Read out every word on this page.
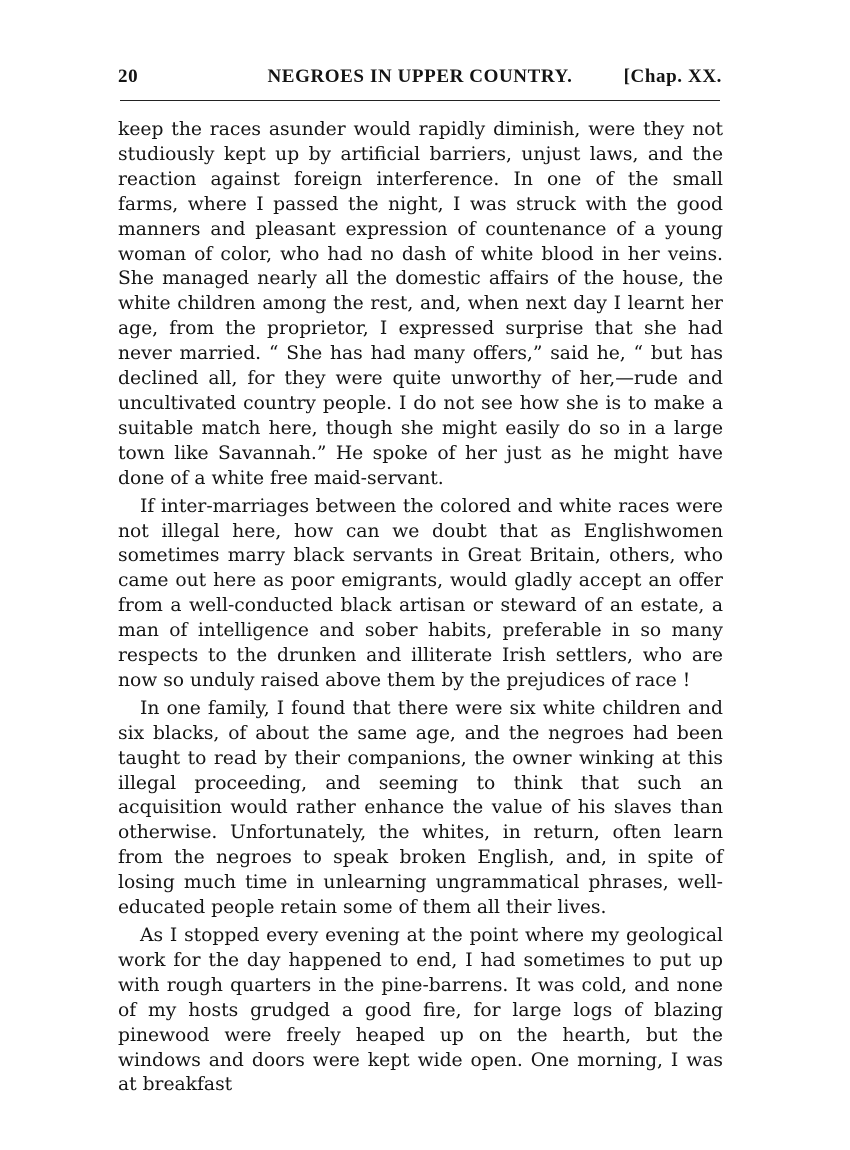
20	NEGROES IN UPPER COUNTRY.	[Chap. XX.

keep the races asunder would rapidly diminish, were they not studiously kept up by artificial barriers, unjust laws, and the reaction against foreign interference. In one of the small farms, where I passed the night, I was struck with the good manners and pleasant expression of countenance of a young woman of color, who had no dash of white blood in her veins. She managed nearly all the domestic affairs of the house, the white children among the rest, and, when next day I learnt her age, from the proprietor, I expressed surprise that she had never married. “ She has had many offers,” said he, “ but has declined all, for they were quite unworthy of her,—rude and uncultivated country people. I do not see how she is to make a suitable match here, though she might easily do so in a large town like Savannah.” He spoke of her just as he might have done of a white free maid-servant.

If inter-marriages between the colored and white races were not illegal here, how can we doubt that as Englishwomen sometimes marry black servants in Great Britain, others, who came out here as poor emigrants, would gladly accept an offer from a well-conducted black artisan or steward of an estate, a man of intelligence and sober habits, preferable in so many respects to the drunken and illiterate Irish settlers, who are now so unduly raised above them by the prejudices of race !

In one family, I found that there were six white children and six blacks, of about the same age, and the negroes had been taught to read by their companions, the owner winking at this illegal proceeding, and seeming to think that such an acquisition would rather enhance the value of his slaves than otherwise. Unfortunately, the whites, in return, often learn from the negroes to speak broken English, and, in spite of losing much time in unlearning ungrammatical phrases, well-educated people retain some of them all their lives.

As I stopped every evening at the point where my geological work for the day happened to end, I had sometimes to put up with rough quarters in the pine-barrens. It was cold, and none of my hosts grudged a good fire, for large logs of blazing pinewood were freely heaped up on the hearth, but the windows and doors were kept wide open. One morning, I was at breakfast
